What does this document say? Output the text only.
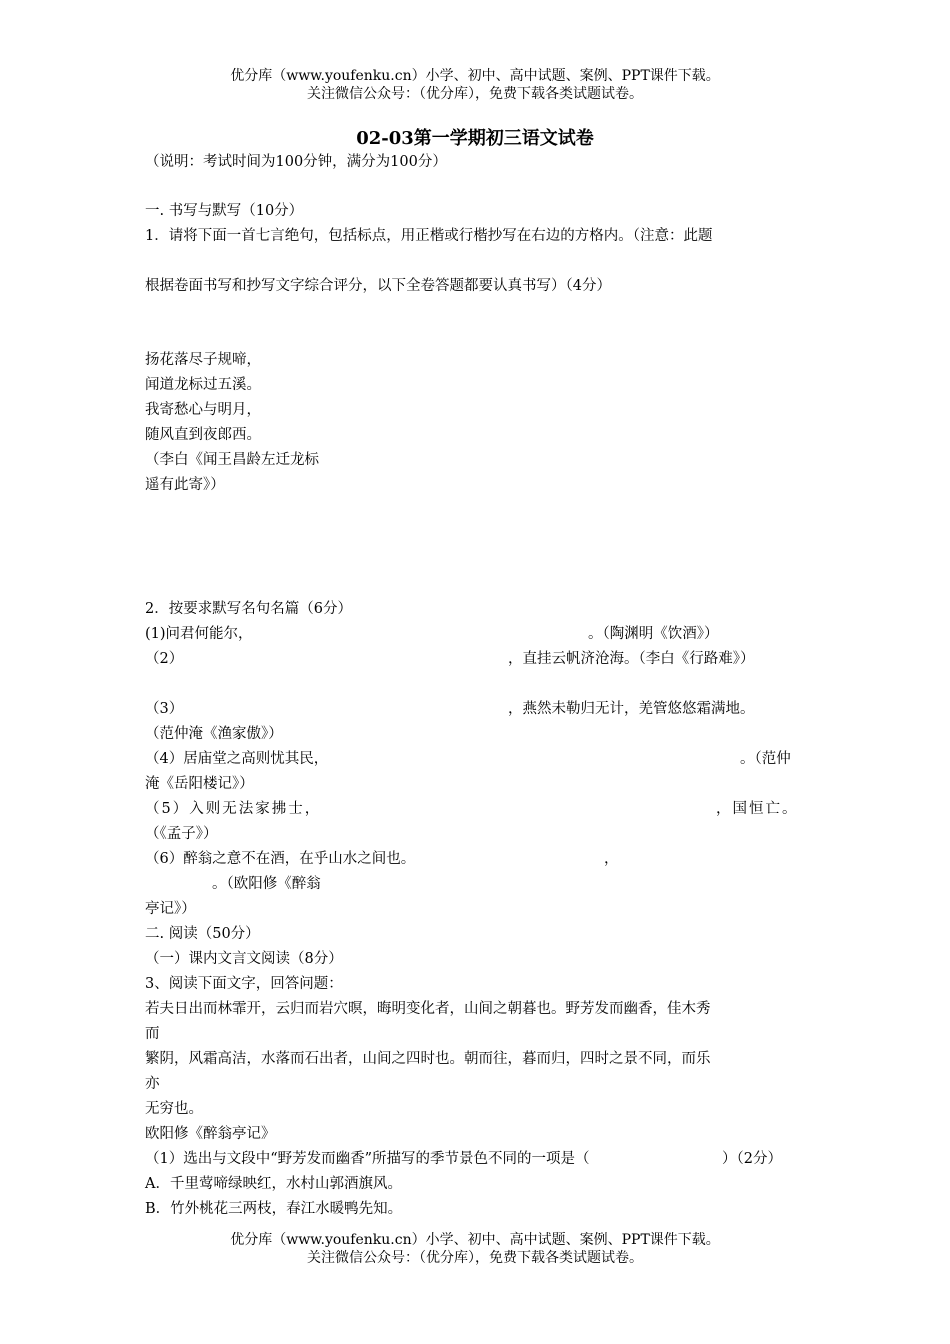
优分库（www.youfenku.cn）小学、初中、高中试题、案例、PPT课件下载。
关注微信公众号：（优分库），免费下载各类试题试卷。
02-03第一学期初三语文试卷
（说明：考试时间为100分钟，满分为100分）
一. 书写与默写（10分）
1．请将下面一首七言绝句，包括标点，用正楷或行楷抄写在右边的方格内。（注意：此题
根据卷面书写和抄写文字综合评分，以下全卷答题都要认真书写）（4分）
扬花落尽子规啼，
闻道龙标过五溪。
我寄愁心与明月，
随风直到夜郎西。
（李白《闻王昌龄左迁龙标
遥有此寄》）
2．按要求默写名句名篇（6分）
(1)问君何能尔，	。（陶渊明《饮酒》）
（2）	，直挂云帆济沧海。（李白《行路难》）
（3）	，燕然未勒归无计，羌管悠悠霜满地。
（范仲淹《渔家傲》）
（4）居庙堂之高则忧其民，	。（范仲
淹《岳阳楼记》）
（5）入则无法家拂士，	，国恒亡。
（《孟子》）
（6）醉翁之意不在酒，在乎山水之间也。	，
。（欧阳修《醉翁
亭记》）
二. 阅读（50分）
（一）课内文言文阅读（8分）
3、阅读下面文字，回答问题：
若夫日出而林霏开，云归而岩穴暝，晦明变化者，山间之朝暮也。野芳发而幽香，佳木秀
而
繁阴，风霜高洁，水落而石出者，山间之四时也。朝而往，暮而归，四时之景不同，而乐
亦
无穷也。
欧阳修《醉翁亭记》
（1）选出与文段中“野芳发而幽香”所描写的季节景色不同的一项是（	）（2分）
A．千里莺啼绿映红，水村山郭酒旗风。
B．竹外桃花三两枝，春江水暖鸭先知。
优分库（www.youfenku.cn）小学、初中、高中试题、案例、PPT课件下载。
关注微信公众号：（优分库），免费下载各类试题试卷。
